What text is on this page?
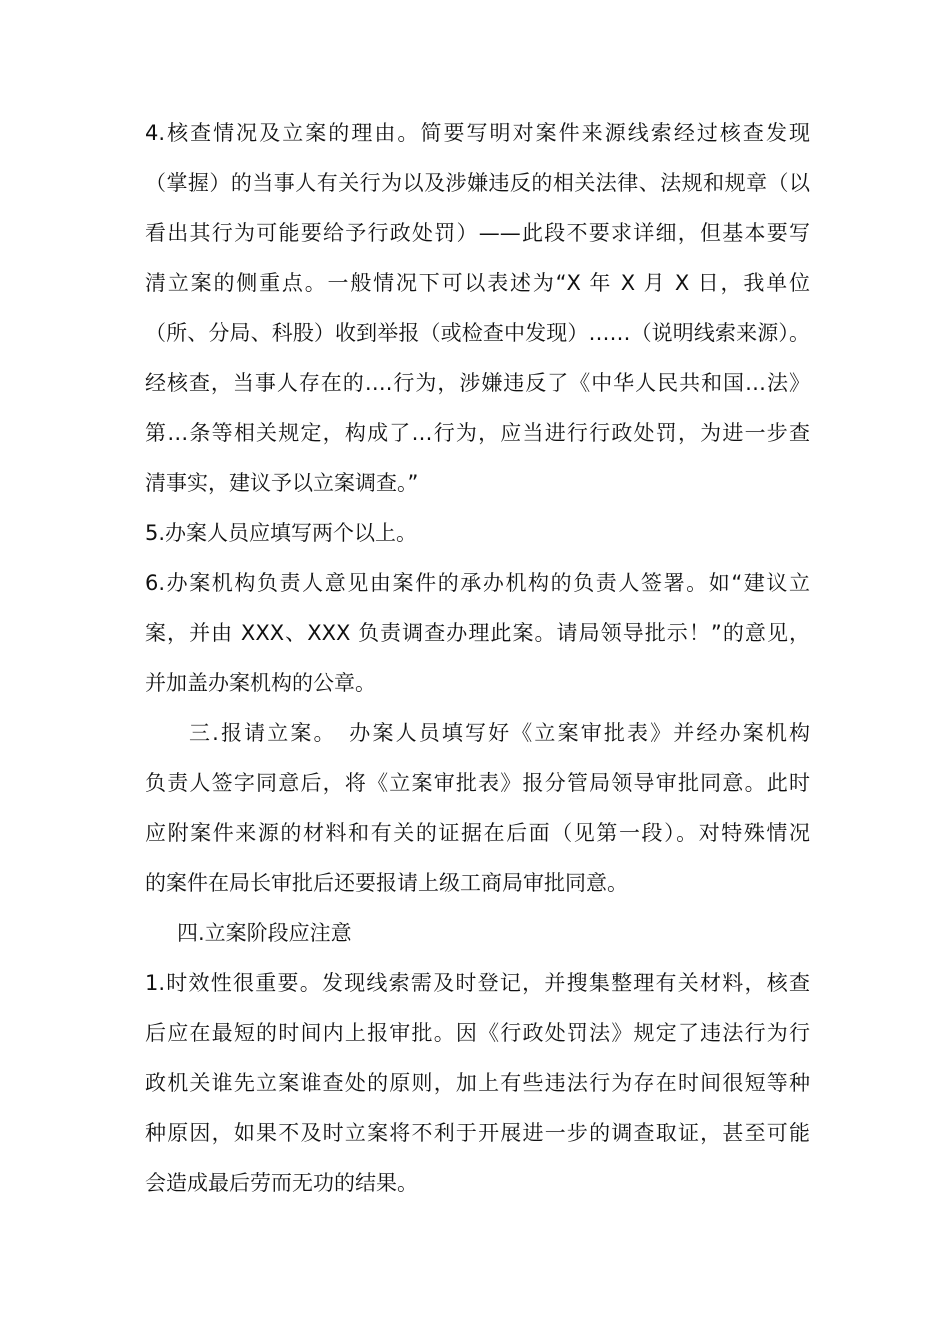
4.核查情况及立案的理由。简要写明对案件来源线索经过核查发现
（掌握）的当事人有关行为以及涉嫌违反的相关法律、法规和规章（以
看出其行为可能要给予行政处罚）——此段不要求详细，但基本要写
清立案的侧重点。一般情况下可以表述为“X 年 X 月 X 日，我单位
（所、分局、科股）收到举报（或检查中发现）……（说明线索来源）。
经核查，当事人存在的….行为，涉嫌违反了《中华人民共和国…法》
第…条等相关规定，构成了…行为，应当进行行政处罚，为进一步查
清事实，建议予以立案调查。”
5.办案人员应填写两个以上。
6.办案机构负责人意见由案件的承办机构的负责人签署。如“建议立
案，并由 XXX、XXX 负责调查办理此案。请局领导批示！”的意见，
并加盖办案机构的公章。
三.报请立案。　办案人员填写好《立案审批表》并经办案机构
负责人签字同意后，将《立案审批表》报分管局领导审批同意。此时
应附案件来源的材料和有关的证据在后面（见第一段）。对特殊情况
的案件在局长审批后还要报请上级工商局审批同意。
四.立案阶段应注意
1.时效性很重要。发现线索需及时登记，并搜集整理有关材料，核查
后应在最短的时间内上报审批。因《行政处罚法》规定了违法行为行
政机关谁先立案谁查处的原则，加上有些违法行为存在时间很短等种
种原因，如果不及时立案将不利于开展进一步的调查取证，甚至可能
会造成最后劳而无功的结果。
